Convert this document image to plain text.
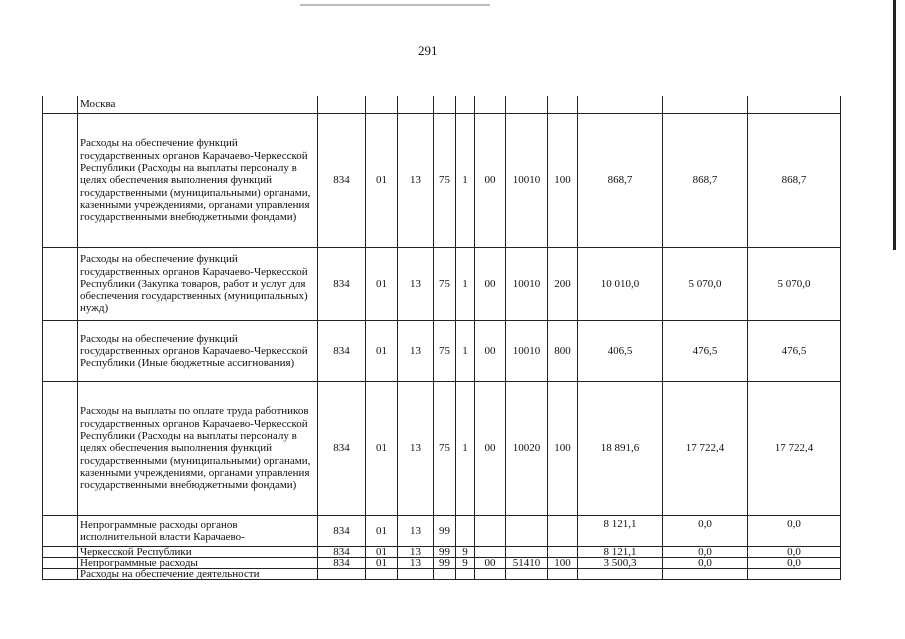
291
	Москва											
	Расходы на обеспечение функций государственных органов Карачаево-Черкесской Республики (Расходы на выплаты персоналу в целях обеспечения выполнения функций государственными (муниципальными) органами, казенными учреждениями, органами управления государственными внебюджетными фондами)	834	01	13	75	1	00	10010	100	868,7	868,7	868,7
	Расходы на обеспечение функций государственных органов Карачаево-Черкесской Республики (Закупка товаров, работ и услуг для обеспечения государственных (муниципальных) нужд)	834	01	13	75	1	00	10010	200	10 010,0	5 070,0	5 070,0
	Расходы на обеспечение функций государственных органов Карачаево-Черкесской Республики (Иные бюджетные ассигнования)	834	01	13	75	1	00	10010	800	406,5	476,5	476,5
	Расходы на выплаты по оплате труда работников государственных органов Карачаево-Черкесской Республики (Расходы на выплаты персоналу в целях обеспечения выполнения функций государственными (муниципальными) органами, казенными учреждениями, органами управления государственными внебюджетными фондами)	834	01	13	75	1	00	10020	100	18 891,6	17 722,4	17 722,4
	Непрограммные расходы органов исполнительной власти Карачаево-	834	01	13	99					8 121,1	0,0	0,0
	Черкесской Республики	834	01	13	99	9				8 121,1	0,0	0,0
	Непрограммные расходы	834	01	13	99	9	00	51410	100	3 500,3	0,0	0,0
	Расходы на обеспечение деятельности											
